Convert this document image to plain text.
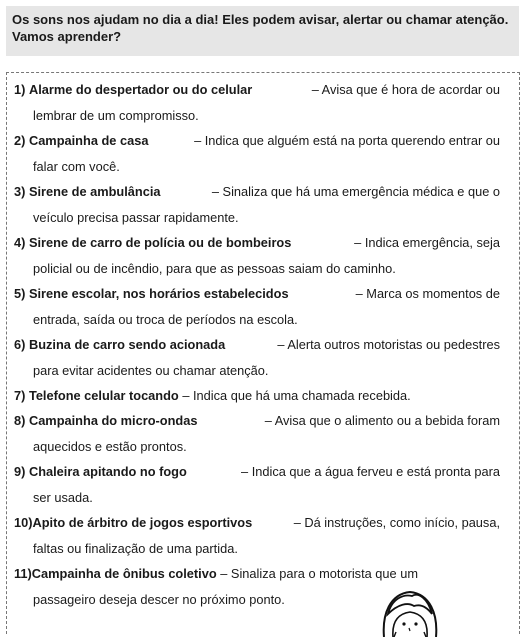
Os sons nos ajudam no dia a dia! Eles podem avisar, alertar ou chamar atenção.
Vamos aprender?
1) Alarme do despertador ou do celular	– Avisa que é hora de acordar ou
lembrar de um compromisso.
2) Campainha de casa	– Indica que alguém está na porta querendo entrar ou
falar com você.
3) Sirene de ambulância	– Sinaliza que há uma emergência médica e que o
veículo precisa passar rapidamente.
4) Sirene de carro de polícia ou de bombeiros	– Indica emergência, seja
policial ou de incêndio, para que as pessoas saiam do caminho.
5) Sirene escolar, nos horários estabelecidos	– Marca os momentos de
entrada, saída ou troca de períodos na escola.
6) Buzina de carro sendo acionada	– Alerta outros motoristas ou pedestres
para evitar acidentes ou chamar atenção.
7) Telefone celular tocando – Indica que há uma chamada recebida.
8) Campainha do micro-ondas	– Avisa que o alimento ou a bebida foram
aquecidos e estão prontos.
9) Chaleira apitando no fogo	– Indica que a água ferveu e está pronta para
ser usada.
10)Apito de árbitro de jogos esportivos	– Dá instruções, como início, pausa,
faltas ou finalização de uma partida.
11)Campainha de ônibus coletivo – Sinaliza para o motorista que um
passageiro deseja descer no próximo ponto.
